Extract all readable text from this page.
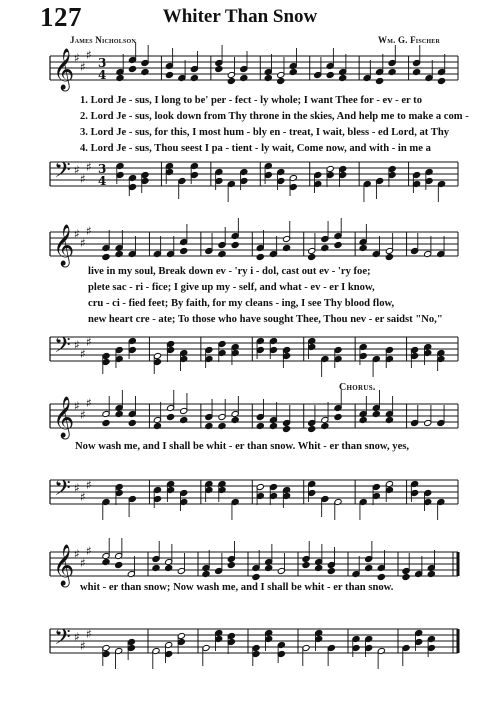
127	Whiter Than Snow
James Nicholson	Wm. G. Fischer
𝄞 ♯
♯
♯
3
4
1. Lord Je - sus, I long to be' per - fect - ly whole; I want Thee for - ev - er to
2. Lord Je - sus, look down from Thy throne in the skies, And help me to make a com -
3. Lord Je - sus, for this, I most hum - bly en - treat, I wait, bless - ed Lord, at Thy
4. Lord Je - sus, Thou seest I pa - tient - ly wait, Come now, and with - in me a
𝄢 ♯
♯
♯ 3
4
𝄞 ♯
♯
♯
live in my soul, Break down ev - 'ry i - dol, cast out ev - 'ry foe;
plete sac - ri - fice; I give up my - self, and what - ev - er I know,
cru - ci - fied feet; By faith, for my cleans - ing, I see Thy blood flow,
new heart cre - ate; To those who have sought Thee, Thou nev - er saidst "No,"
𝄢 ♯
♯
♯
Chorus.
𝄞 ♯
♯
♯
Now wash me, and I shall be whit - er than snow. Whit - er than snow, yes,
𝄢 ♯
♯
♯
𝄞 ♯
♯
♯
whit - er than snow; Now wash me, and I shall be whit - er than snow.
𝄢 ♯
♯
♯
